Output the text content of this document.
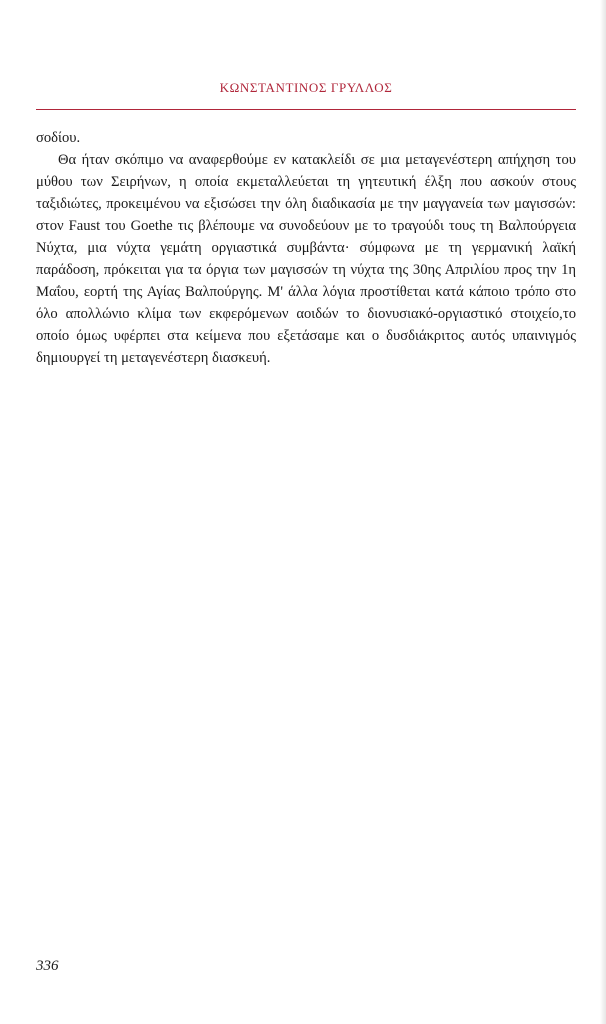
ΚΩΝΣΤΑΝΤΙΝΟΣ ΓΡΥΛΛΟΣ

σοδίου.

Θα ήταν σκόπιμο να αναφερθούμε εν κατακλείδι σε μια μεταγενέστερη απήχηση του μύθου των Σειρήνων, η οποία εκμεταλλεύεται τη γητευτική έλξη που ασκούν στους ταξιδιώτες, προκειμένου να εξισώσει την όλη διαδικασία με την μαγγανεία των μαγισσών: στον Faust του Goethe τις βλέπουμε να συνοδεύουν με το τραγούδι τους τη Βαλπούργεια Νύχτα, μια νύχτα γεμάτη οργιαστικά συμβάντα· σύμφωνα με τη γερμανική λαϊκή παράδοση, πρόκειται για τα όργια των μαγισσών τη νύχτα της 30ης Απριλίου προς την 1η Μαΐου, εορτή της Αγίας Βαλπούργης. Μ' άλλα λόγια προστίθεται κατά κάποιο τρόπο στο όλο απολλώνιο κλίμα των εκφερόμενων αοιδών το διονυσιακό-οργιαστικό στοιχείο,το οποίο όμως υφέρπει στα κείμενα που εξετάσαμε και ο δυσδιάκριτος αυτός υπαινιγμός δημιουργεί τη μεταγενέστερη διασκευή.

336
